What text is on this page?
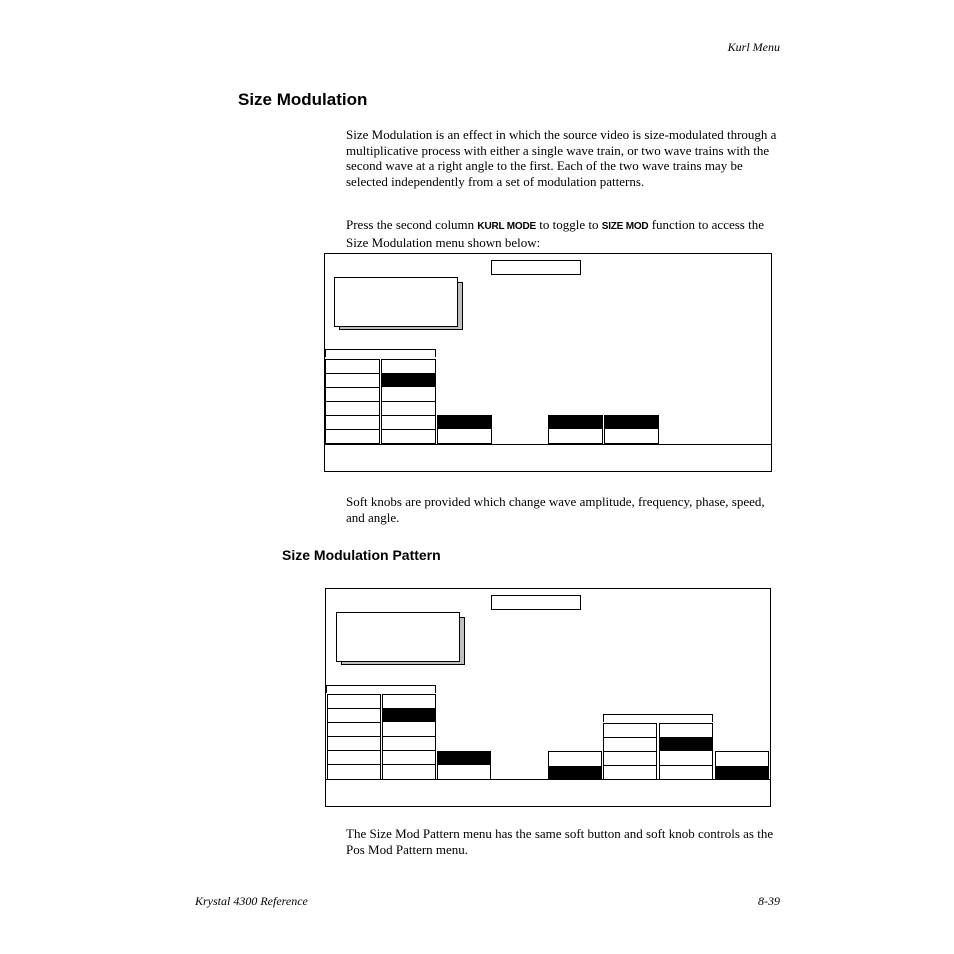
Kurl Menu
Size Modulation
Size Modulation is an effect in which the source video is size-modulated through a multiplicative process with either a single wave train, or two wave trains with the second wave at a right angle to the first. Each of the two wave trains may be selected independently from a set of modulation patterns.
Press the second column KURL MODE to toggle to SIZE MOD function to access the Size Modulation menu shown below:
Soft knobs are provided which change wave amplitude, frequency, phase, speed, and angle.
Size Modulation Pattern
The Size Mod Pattern menu has the same soft button and soft knob controls as the Pos Mod Pattern menu.
Krystal 4300 Reference	8-39
